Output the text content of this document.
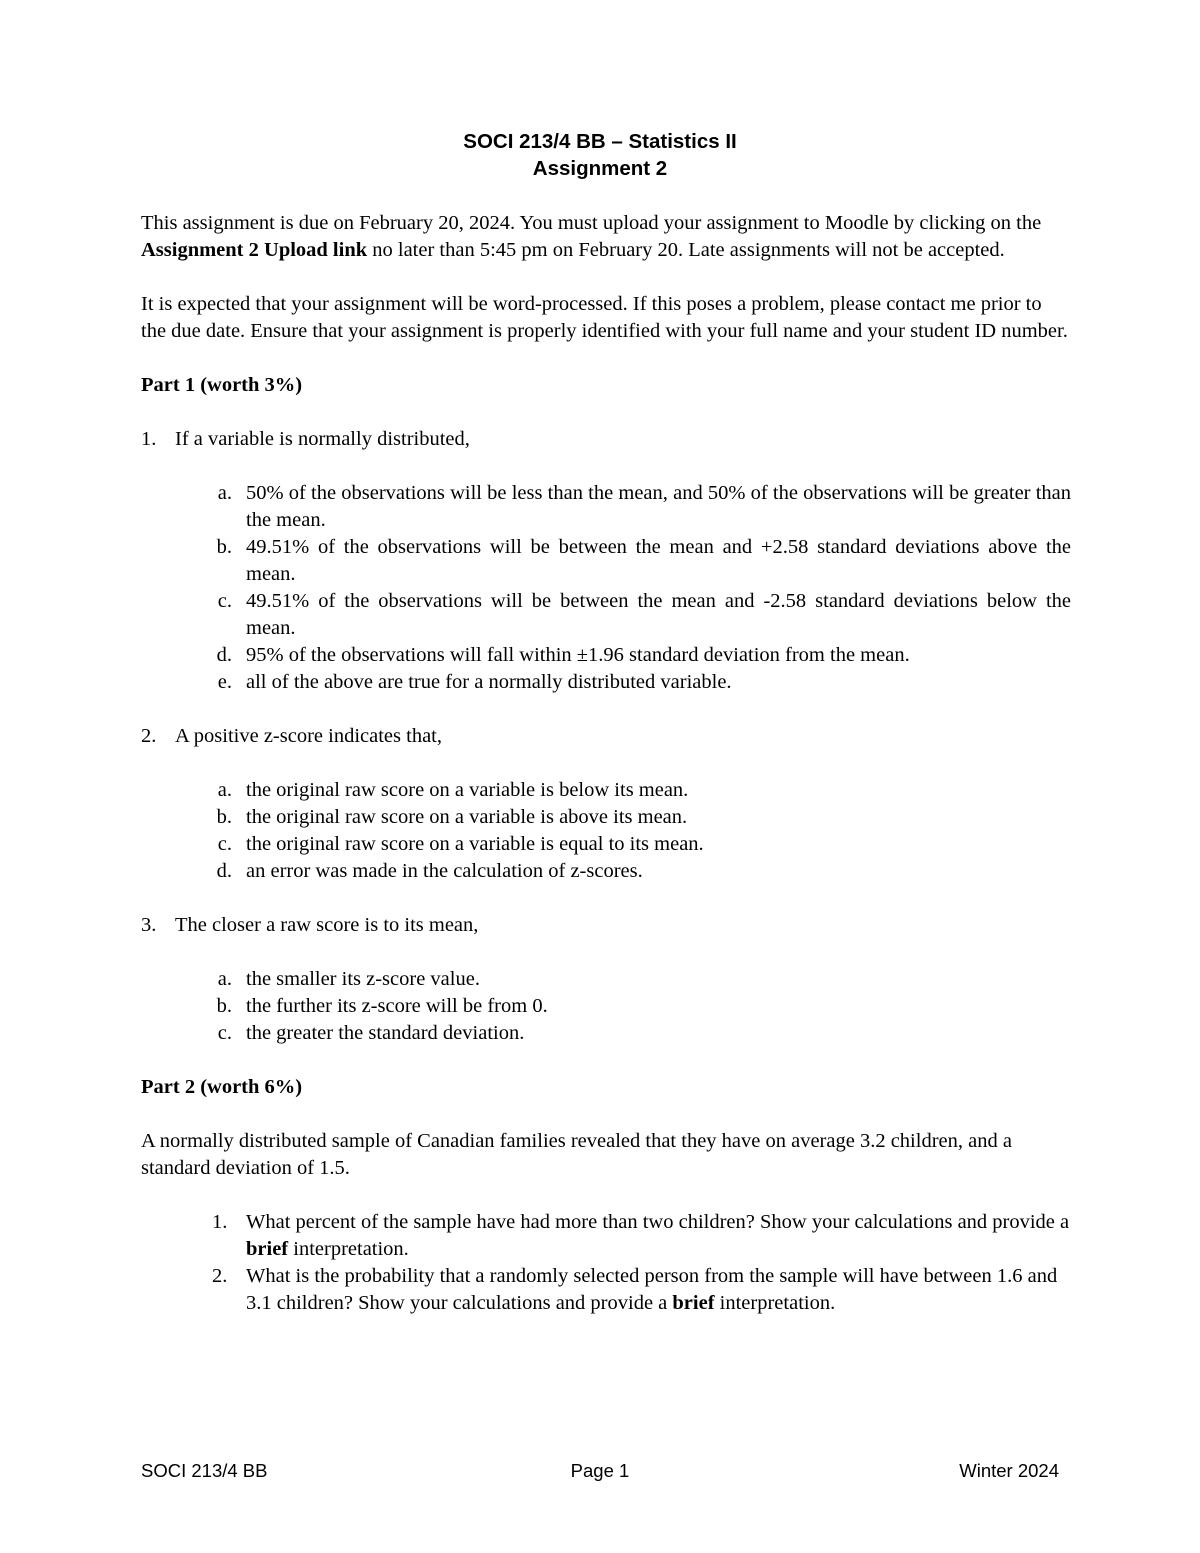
SOCI 213/4 BB – Statistics II
Assignment 2

This assignment is due on February 20, 2024. You must upload your assignment to Moodle by clicking on the Assignment 2 Upload link no later than 5:45 pm on February 20. Late assignments will not be accepted.

It is expected that your assignment will be word-processed. If this poses a problem, please contact me prior to the due date. Ensure that your assignment is properly identified with your full name and your student ID number.

Part 1 (worth 3%)
1. If a variable is normally distributed,
a. 50% of the observations will be less than the mean, and 50% of the observations will be greater than the mean.
b. 49.51% of the observations will be between the mean and +2.58 standard deviations above the mean.
c. 49.51% of the observations will be between the mean and -2.58 standard deviations below the mean.
d. 95% of the observations will fall within ±1.96 standard deviation from the mean.
e. all of the above are true for a normally distributed variable.
2. A positive z-score indicates that,
a. the original raw score on a variable is below its mean.
b. the original raw score on a variable is above its mean.
c. the original raw score on a variable is equal to its mean.
d. an error was made in the calculation of z-scores.
3. The closer a raw score is to its mean,
a. the smaller its z-score value.
b. the further its z-score will be from 0.
c. the greater the standard deviation.
Part 2 (worth 6%)

A normally distributed sample of Canadian families revealed that they have on average 3.2 children, and a standard deviation of 1.5.

1. What percent of the sample have had more than two children? Show your calculations and provide a brief interpretation.
2. What is the probability that a randomly selected person from the sample will have between 1.6 and 3.1 children? Show your calculations and provide a brief interpretation.
SOCI 213/4 BB	Page 1	Winter 2024
